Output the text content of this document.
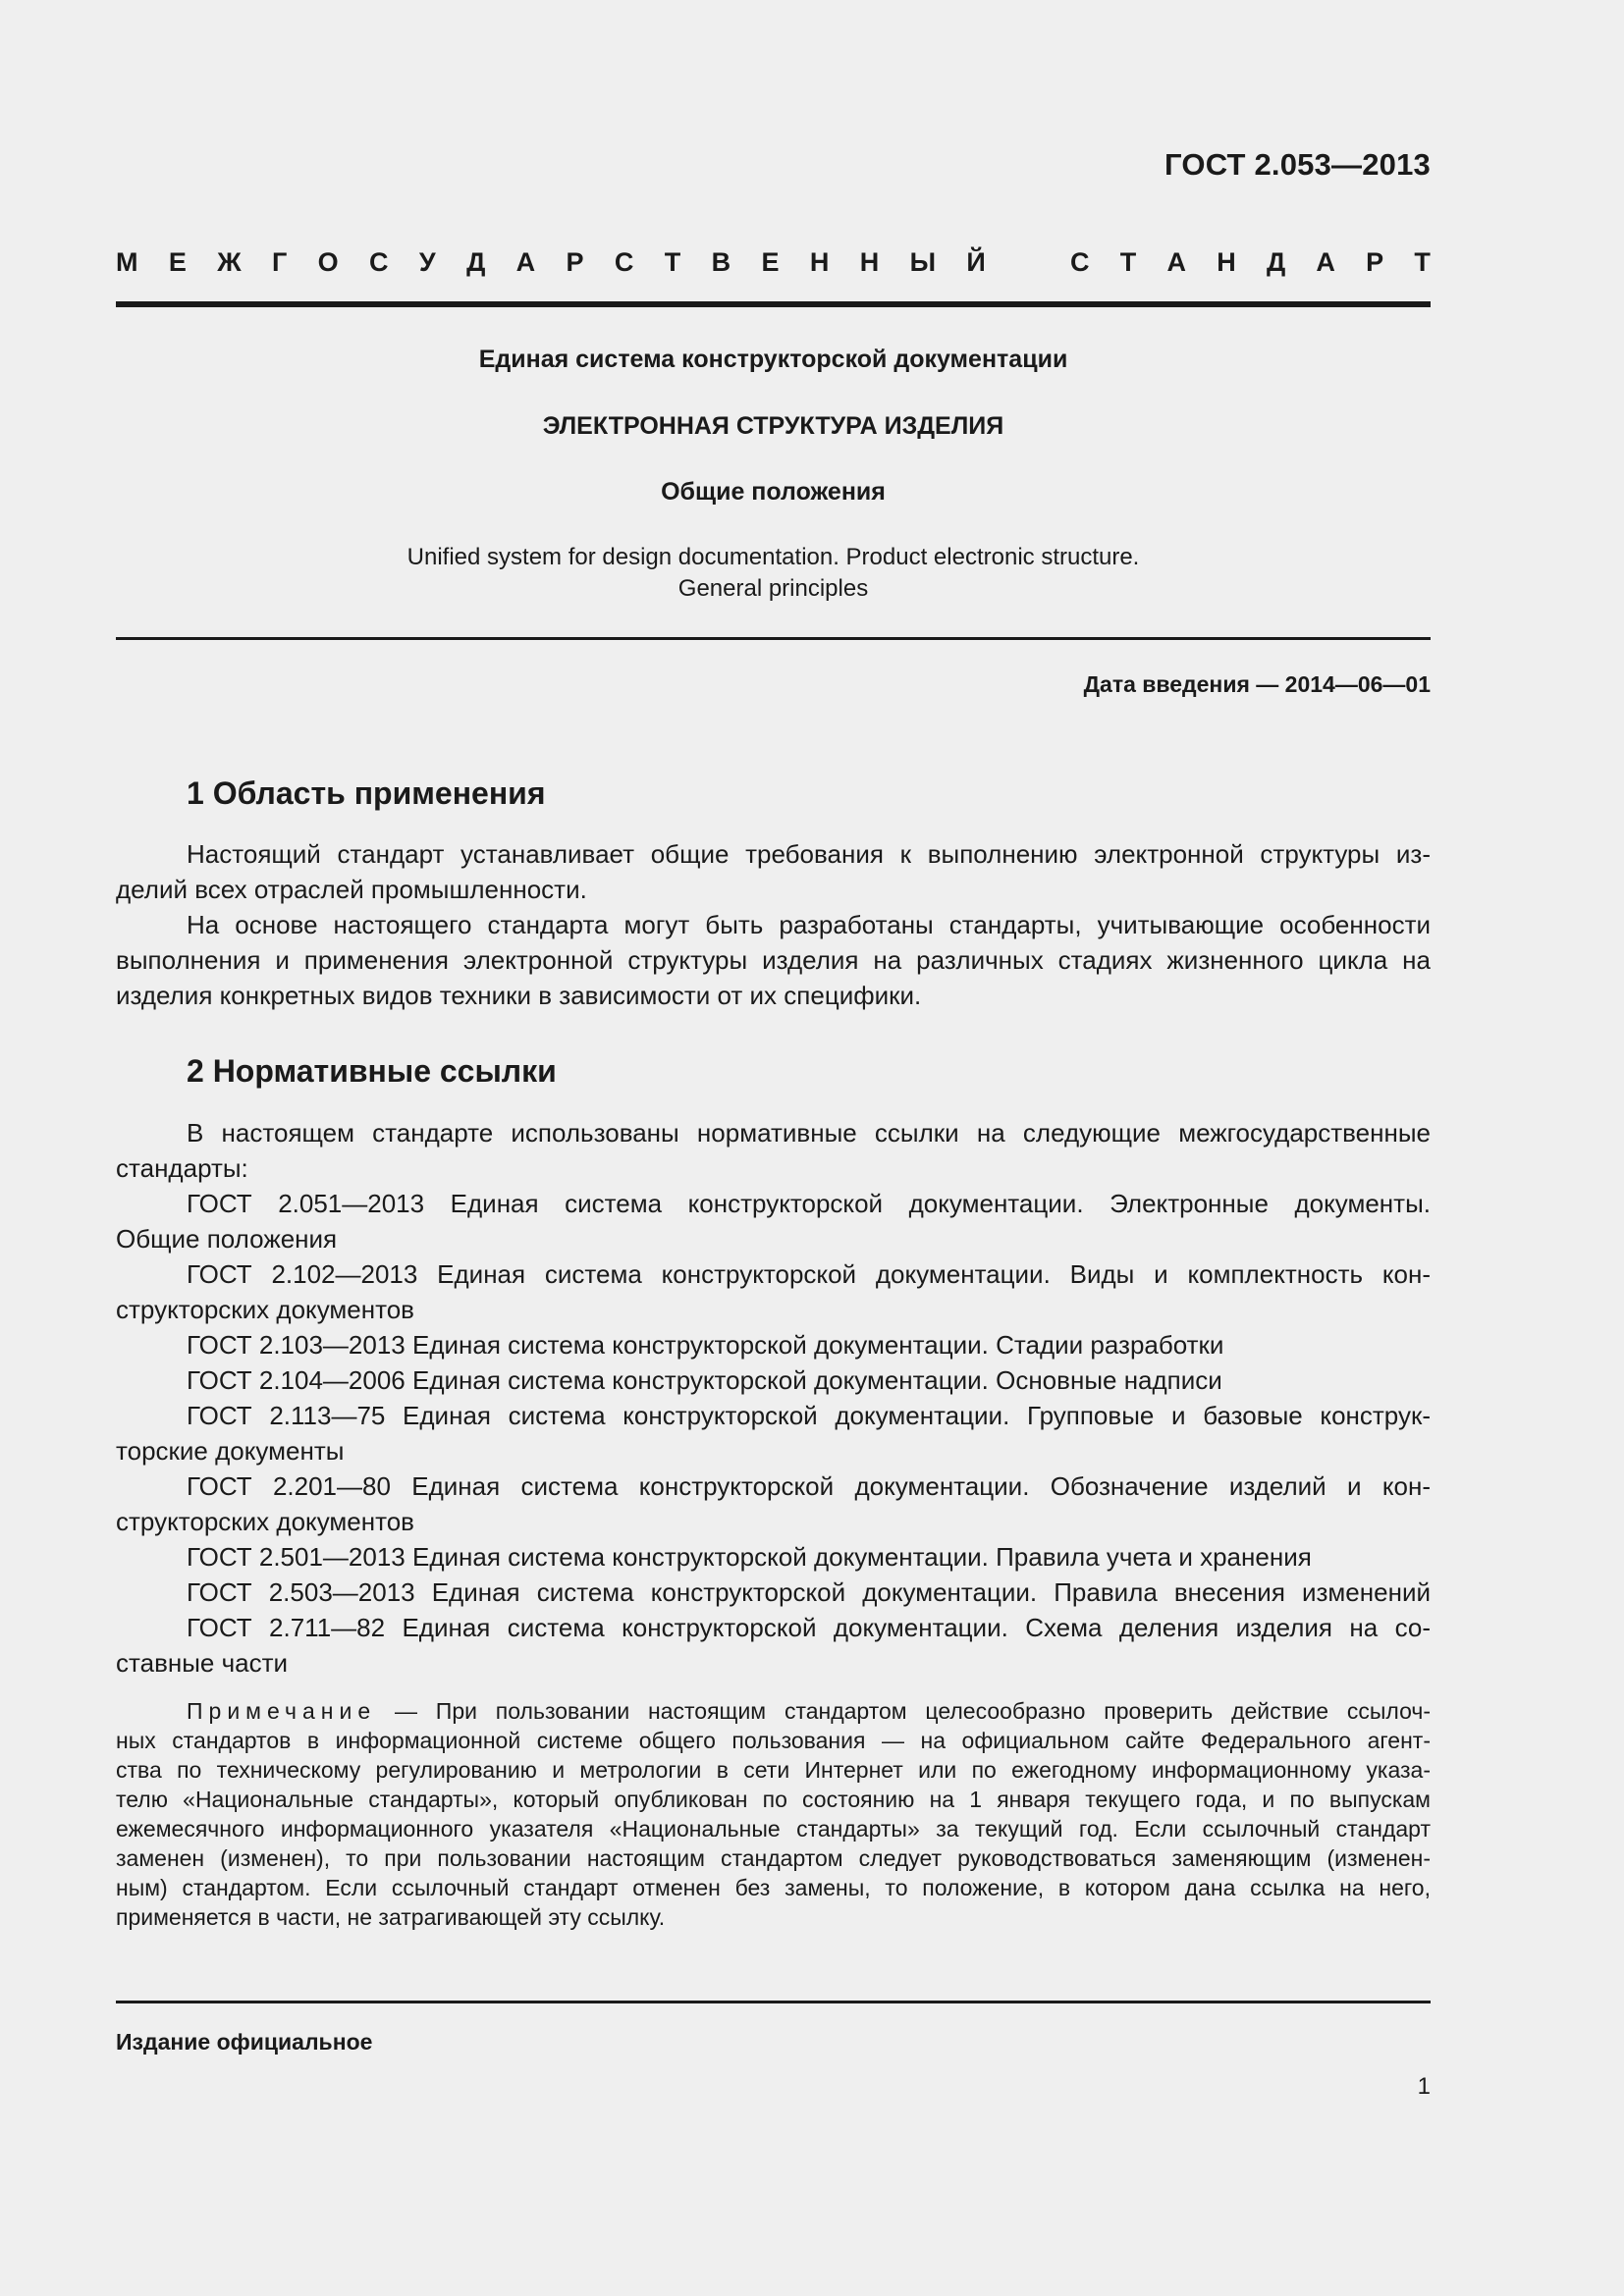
ГОСТ 2.053—2013
М Е Ж Г О С У Д А Р С Т В Е Н Н Ы Й	С Т А Н Д А Р Т
Единая система конструкторской документации
ЭЛЕКТРОННАЯ СТРУКТУРА ИЗДЕЛИЯ
Общие положения
Unified system for design documentation. Product electronic structure.
General principles
Дата введения — 2014—06—01
1 Область применения
Настоящий стандарт устанавливает общие требования к выполнению электронной структуры из-
делий всех отраслей промышленности.
На основе настоящего стандарта могут быть разработаны стандарты, учитывающие особенности
выполнения и применения электронной структуры изделия на различных стадиях жизненного цикла на
изделия конкретных видов техники в зависимости от их специфики.
2 Нормативные ссылки
В настоящем стандарте использованы нормативные ссылки на следующие межгосударственные
стандарты:
ГОСТ 2.051—2013 Единая система конструкторской документации. Электронные документы.
Общие положения
ГОСТ 2.102—2013 Единая система конструкторской документации. Виды и комплектность кон-
структорских документов
ГОСТ 2.103—2013 Единая система конструкторской документации. Стадии разработки
ГОСТ 2.104—2006 Единая система конструкторской документации. Основные надписи
ГОСТ 2.113—75 Единая система конструкторской документации. Групповые и базовые конструк-
торские документы
ГОСТ 2.201—80 Единая система конструкторской документации. Обозначение изделий и кон-
структорских документов
ГОСТ 2.501—2013 Единая система конструкторской документации. Правила учета и хранения
ГОСТ 2.503—2013 Единая система конструкторской документации. Правила внесения изменений
ГОСТ 2.711—82 Единая система конструкторской документации. Схема деления изделия на со-
ставные части
Примечание — При пользовании настоящим стандартом целесообразно проверить действие ссылоч-
ных стандартов в информационной системе общего пользования — на официальном сайте Федерального агент-
ства по техническому регулированию и метрологии в сети Интернет или по ежегодному информационному указа-
телю «Национальные стандарты», который опубликован по состоянию на 1 января текущего года, и по выпускам
ежемесячного информационного указателя «Национальные стандарты» за текущий год. Если ссылочный стандарт
заменен (изменен), то при пользовании настоящим стандартом следует руководствоваться заменяющим (изменен-
ным) стандартом. Если ссылочный стандарт отменен без замены, то положение, в котором дана ссылка на него,
применяется в части, не затрагивающей эту ссылку.
Издание официальное
1
